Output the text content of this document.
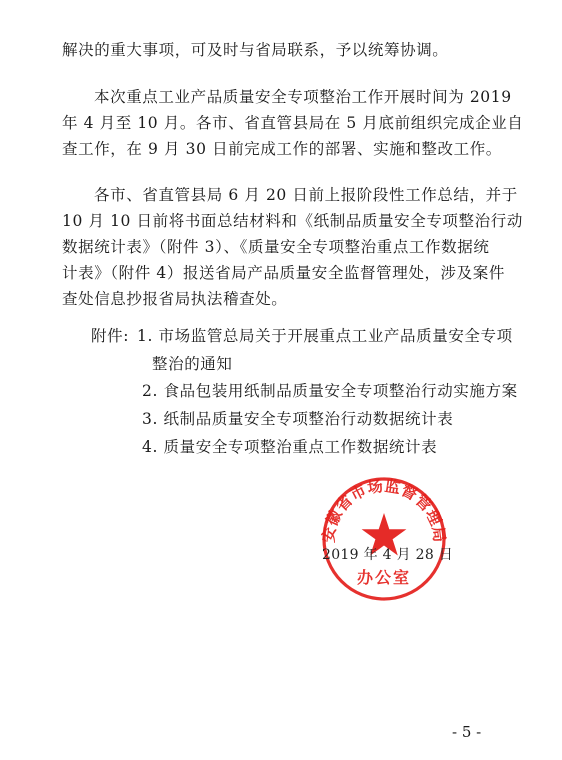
解决的重大事项，可及时与省局联系，予以统筹协调。
本次重点工业产品质量安全专项整治工作开展时间为 2019
年 4 月至 10 月。各市、省直管县局在 5 月底前组织完成企业自
查工作，在 9 月 30 日前完成工作的部署、实施和整改工作。
各市、省直管县局 6 月 20 日前上报阶段性工作总结，并于
10 月 10 日前将书面总结材料和《纸制品质量安全专项整治行动
数据统计表》（附件 3）、《质量安全专项整治重点工作数据统
计表》（附件 4）报送省局产品质量安全监督管理处，涉及案件
查处信息抄报省局执法稽查处。
附件: 1. 市场监管总局关于开展重点工业产品质量安全专项
整治的通知
2. 食品包装用纸制品质量安全专项整治行动实施方案
3. 纸制品质量安全专项整治行动数据统计表
4. 质量安全专项整治重点工作数据统计表
安徽省市场监督管理局
办公室
2019 年 4 月 28 日
- 5 -
